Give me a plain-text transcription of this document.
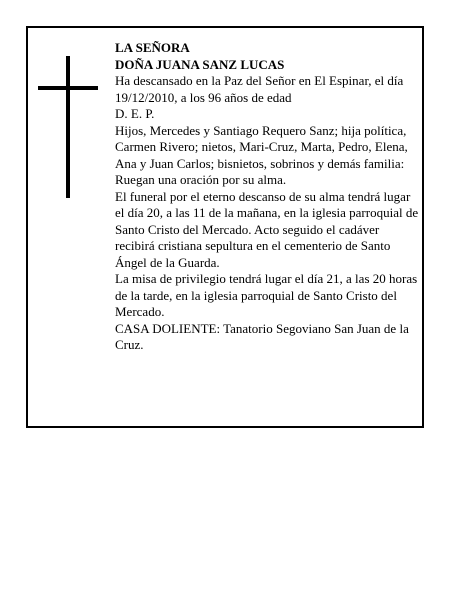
LA SEÑORA

DOÑA JUANA SANZ LUCAS

Ha descansado en la Paz del Señor en El Espinar, el día 19/12/2010, a los 96 años de edad

D. E. P.

Hijos, Mercedes y Santiago Requero Sanz; hija política, Carmen Rivero; nietos, Mari-Cruz, Marta, Pedro, Elena, Ana y Juan Carlos; bisnietos, sobrinos y demás familia:

Ruegan una oración por su alma.

El funeral por el eterno descanso de su alma tendrá lugar el día 20, a las 11 de la mañana, en la iglesia parroquial de Santo Cristo del Mercado. Acto seguido el cadáver recibirá cristiana sepultura en el cementerio de Santo Ángel de la Guarda.

La misa de privilegio tendrá lugar el día 21, a las 20 horas de la tarde, en la iglesia parroquial de Santo Cristo del Mercado.

CASA DOLIENTE: Tanatorio Segoviano San Juan de la Cruz.
